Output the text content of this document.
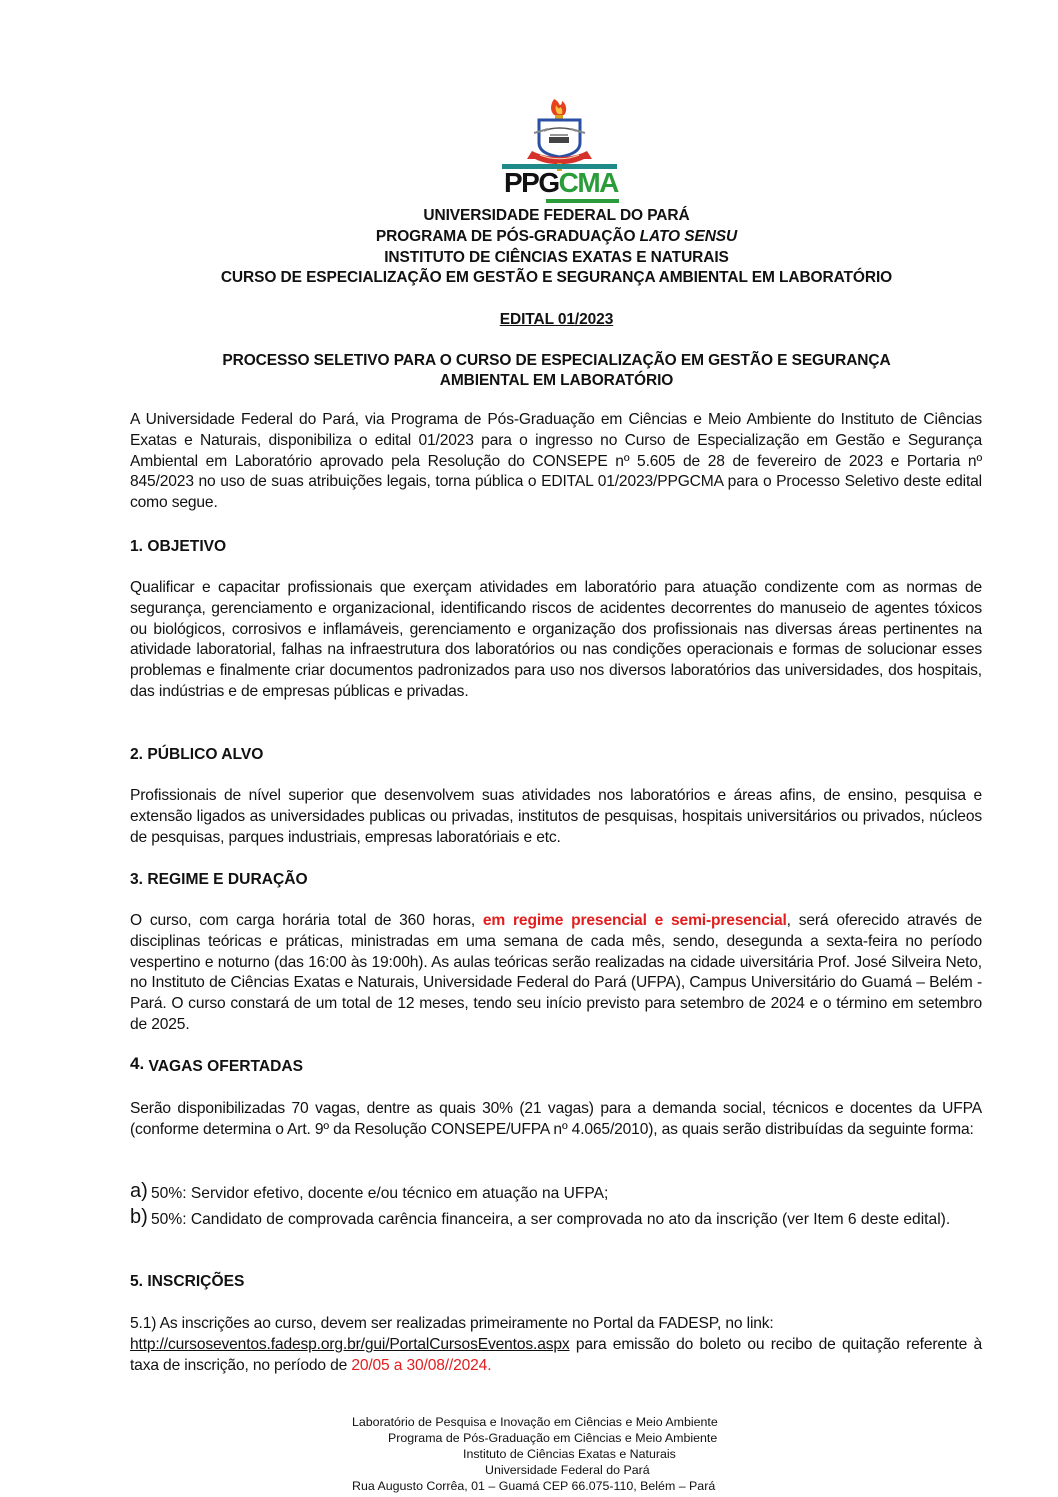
PPGCMA
UNIVERSIDADE FEDERAL DO PARÁ
PROGRAMA DE PÓS-GRADUAÇÃO LATO SENSU
INSTITUTO DE CIÊNCIAS EXATAS E NATURAIS
CURSO DE ESPECIALIZAÇÃO EM GESTÃO E SEGURANÇA AMBIENTAL EM LABORATÓRIO
EDITAL 01/2023
PROCESSO SELETIVO PARA O CURSO DE ESPECIALIZAÇÃO EM GESTÃO E SEGURANÇA
AMBIENTAL EM LABORATÓRIO
A Universidade Federal do Pará, via Programa de Pós-Graduação em Ciências e Meio Ambiente do Instituto de Ciências Exatas e Naturais, disponibiliza o edital 01/2023 para o ingresso no Curso de Especialização em Gestão e Segurança Ambiental em Laboratório aprovado pela Resolução do CONSEPE nº 5.605 de 28 de fevereiro de 2023 e Portaria nº 845/2023 no uso de suas atribuições legais, torna pública o EDITAL 01/2023/PPGCMA para o Processo Seletivo deste edital como segue.
1. OBJETIVO
Qualificar e capacitar profissionais que exerçam atividades em laboratório para atuação condizente com as normas de segurança, gerenciamento e organizacional, identificando riscos de acidentes decorrentes do manuseio de agentes tóxicos ou biológicos, corrosivos e inflamáveis, gerenciamento e organização dos profissionais nas diversas áreas pertinentes na atividade laboratorial, falhas na infraestrutura dos laboratórios ou nas condições operacionais e formas de solucionar esses problemas e finalmente criar documentos padronizados para uso nos diversos laboratórios das universidades, dos hospitais, das indústrias e de empresas públicas e privadas.
2. PÚBLICO ALVO
Profissionais de nível superior que desenvolvem suas atividades nos laboratórios e áreas afins, de ensino, pesquisa e extensão ligados as universidades publicas ou privadas, institutos de pesquisas, hospitais universitários ou privados, núcleos de pesquisas, parques industriais, empresas laboratóriais e etc.
3. REGIME E DURAÇÃO
O curso, com carga horária total de 360 horas, em regime presencial e semi-presencial, será oferecido através de disciplinas teóricas e práticas, ministradas em uma semana de cada mês, sendo, desegunda a sexta-feira no período vespertino e noturno (das 16:00 às 19:00h). As aulas teóricas serão realizadas na cidade uiversitária Prof. José Silveira Neto, no Instituto de Ciências Exatas e Naturais, Universidade Federal do Pará (UFPA), Campus Universitário do Guamá – Belém - Pará. O curso constará de um total de 12 meses, tendo seu início previsto para setembro de 2024 e o término em setembro de 2025.
4. VAGAS OFERTADAS
Serão disponibilizadas 70 vagas, dentre as quais 30% (21 vagas) para a demanda social, técnicos e docentes da UFPA (conforme determina o Art. 9º da Resolução CONSEPE/UFPA nº 4.065/2010), as quais serão distribuídas da seguinte forma:
a) 50%: Servidor efetivo, docente e/ou técnico em atuação na UFPA;
b) 50%: Candidato de comprovada carência financeira, a ser comprovada no ato da inscrição (ver Item 6 deste edital).
5. INSCRIÇÕES
5.1) As inscrições ao curso, devem ser realizadas primeiramente no Portal da FADESP, no link:
http://cursoseventos.fadesp.org.br/gui/PortalCursosEventos.aspx para emissão do boleto ou recibo de quitação referente à taxa de inscrição, no período de 20/05 a 30/08//2024.
Laboratório de Pesquisa e Inovação em Ciências e Meio Ambiente
Programa de Pós-Graduação em Ciências e Meio Ambiente
Instituto de Ciências Exatas e Naturais
Universidade Federal do Pará
Rua Augusto Corrêa, 01 – Guamá CEP 66.075-110, Belém – Pará
